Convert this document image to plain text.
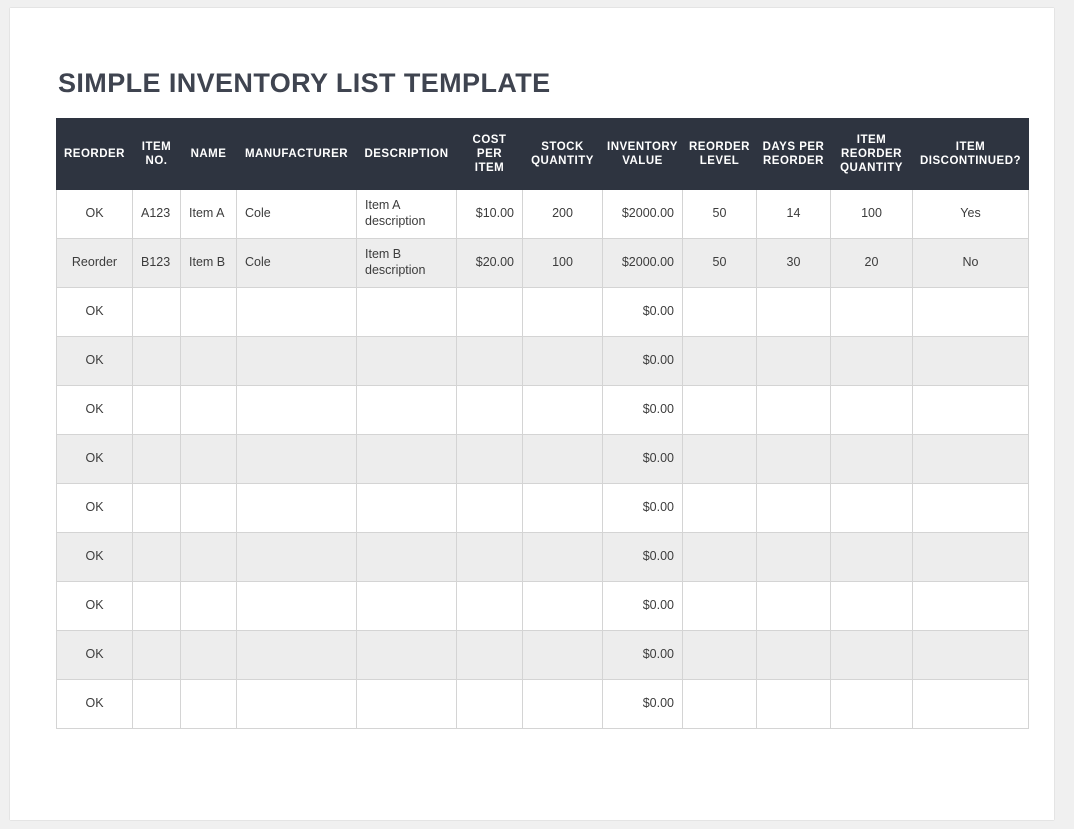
SIMPLE INVENTORY LIST TEMPLATE
REORDER	ITEM NO.	NAME	MANUFACTURER	DESCRIPTION	COST PER ITEM	STOCK QUANTITY	INVENTORY VALUE	REORDER LEVEL	DAYS PER REORDER	ITEM REORDER QUANTITY	ITEM DISCONTINUED?
OK	A123	Item A	Cole	Item A description	$10.00	200	$2000.00	50	14	100	Yes
Reorder	B123	Item B	Cole	Item B description	$20.00	100	$2000.00	50	30	20	No
OK							$0.00				
OK							$0.00				
OK							$0.00				
OK							$0.00				
OK							$0.00				
OK							$0.00				
OK							$0.00				
OK							$0.00				
OK							$0.00				
